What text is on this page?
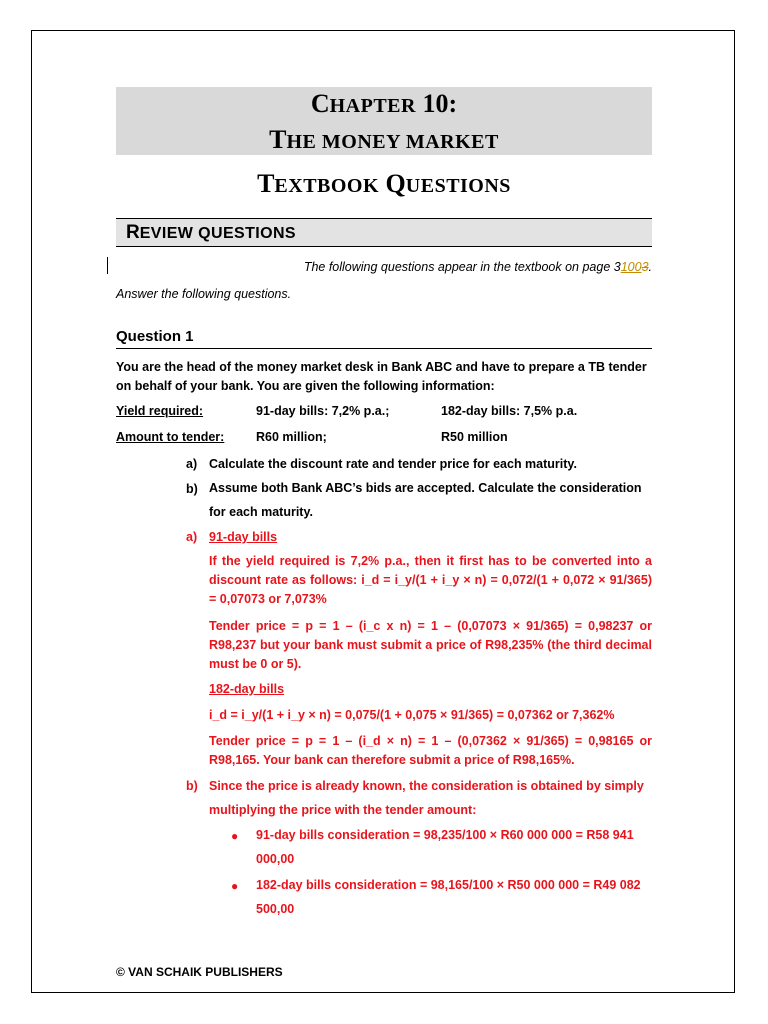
CHAPTER 10:
THE MONEY MARKET
TEXTBOOK QUESTIONS
REVIEW QUESTIONS
The following questions appear in the textbook on page 31003.
Answer the following questions.
Question 1
You are the head of the money market desk in Bank ABC and have to prepare a TB tender on behalf of your bank. You are given the following information:
Yield required:	91-day bills: 7,2% p.a.;	182-day bills: 7,5% p.a.
Amount to tender:	R60 million;	R50 million
a) Calculate the discount rate and tender price for each maturity.
b) Assume both Bank ABC’s bids are accepted. Calculate the consideration for each maturity.
a) 91-day bills
If the yield required is 7,2% p.a., then it first has to be converted into a discount rate as follows: i_d = i_y/(1 + i_y × n) = 0,072/(1 + 0,072 × 91/365) = 0,07073 or 7,073%
Tender price = p = 1 – (i_c x n) = 1 – (0,07073 × 91/365) = 0,98237 or R98,237 but your bank must submit a price of R98,235% (the third decimal must be 0 or 5).
182-day bills
i_d = i_y/(1 + i_y × n) = 0,075/(1 + 0,075 × 91/365) = 0,07362 or 7,362%
Tender price = p = 1 – (i_d × n) = 1 – (0,07362 × 91/365) = 0,98165 or R98,165. Your bank can therefore submit a price of R98,165%.
b) Since the price is already known, the consideration is obtained by simply multiplying the price with the tender amount:
● 91-day bills consideration = 98,235/100 × R60 000 000 = R58 941 000,00
● 182-day bills consideration = 98,165/100 × R50 000 000 = R49 082 500,00
© VAN SCHAIK PUBLISHERS
